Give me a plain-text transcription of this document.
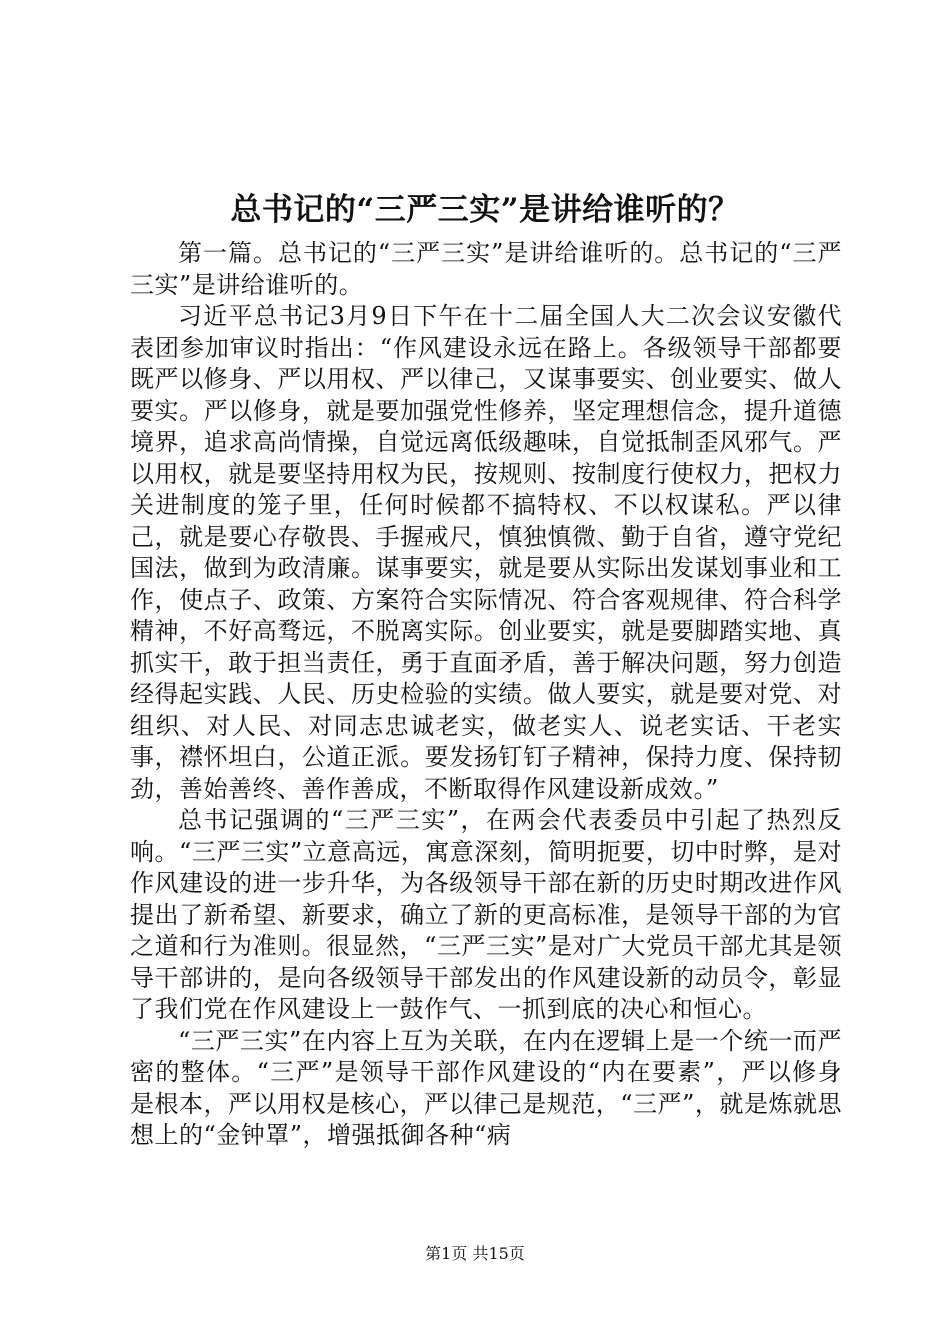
总书记的“三严三实”是讲给谁听的？

第一篇。总书记的“三严三实”是讲给谁听的。总书记的“三严三实”是讲给谁听的。

习近平总书记3月9日下午在十二届全国人大二次会议安徽代表团参加审议时指出：“作风建设永远在路上。各级领导干部都要既严以修身、严以用权、严以律己，又谋事要实、创业要实、做人要实。严以修身，就是要加强党性修养，坚定理想信念，提升道德境界，追求高尚情操，自觉远离低级趣味，自觉抵制歪风邪气。严以用权，就是要坚持用权为民，按规则、按制度行使权力，把权力关进制度的笼子里，任何时候都不搞特权、不以权谋私。严以律己，就是要心存敬畏、手握戒尺，慎独慎微、勤于自省，遵守党纪国法，做到为政清廉。谋事要实，就是要从实际出发谋划事业和工作，使点子、政策、方案符合实际情况、符合客观规律、符合科学精神，不好高骛远，不脱离实际。创业要实，就是要脚踏实地、真抓实干，敢于担当责任，勇于直面矛盾，善于解决问题，努力创造经得起实践、人民、历史检验的实绩。做人要实，就是要对党、对组织、对人民、对同志忠诚老实，做老实人、说老实话、干老实事，襟怀坦白，公道正派。要发扬钉钉子精神，保持力度、保持韧劲，善始善终、善作善成，不断取得作风建设新成效。”

总书记强调的“三严三实”，在两会代表委员中引起了热烈反响。“三严三实”立意高远，寓意深刻，简明扼要，切中时弊，是对作风建设的进一步升华，为各级领导干部在新的历史时期改进作风提出了新希望、新要求，确立了新的更高标准，是领导干部的为官之道和行为准则。很显然，“三严三实”是对广大党员干部尤其是领导干部讲的，是向各级领导干部发出的作风建设新的动员令，彰显了我们党在作风建设上一鼓作气、一抓到底的决心和恒心。

“三严三实”在内容上互为关联，在内在逻辑上是一个统一而严密的整体。“三严”是领导干部作风建设的“内在要素”，严以修身是根本，严以用权是核心，严以律己是规范，“三严”，就是炼就思想上的“金钟罩”，增强抵御各种“病

第1页 共15页
